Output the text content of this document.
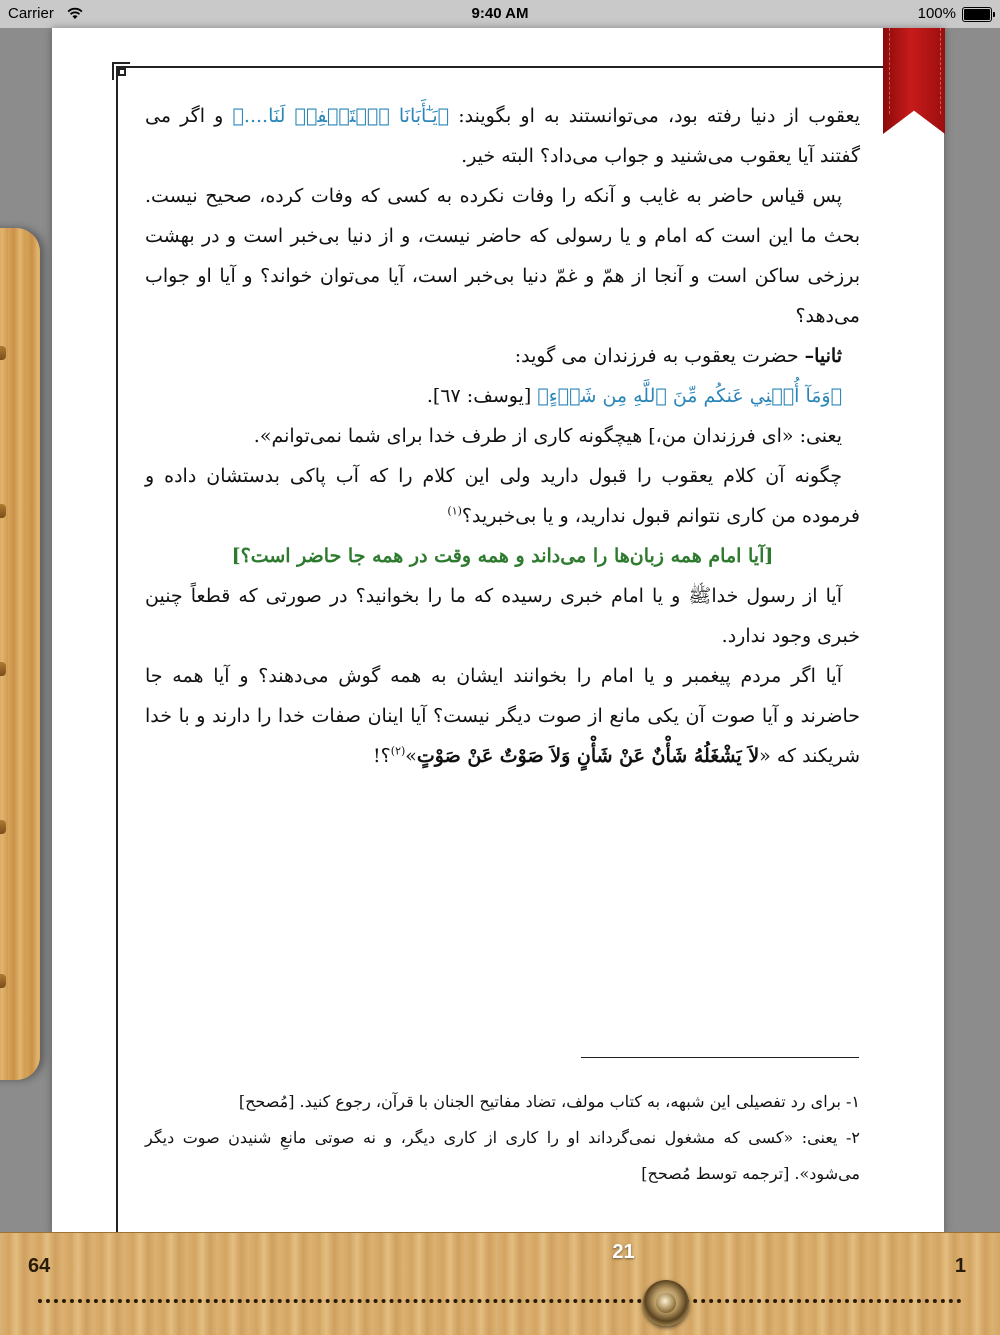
Carrier	9:40 AM	100%

یعقوب از دنیا رفته بود، می‌توانستند به او بگویند: ﴿يَـٰٓأَبَانَا ٱسۡتَغۡفِرۡ لَنَا....﴾ و اگر می گفتند آیا یعقوب می‌شنید و جواب می‌داد؟ البته خیر.

پس قیاس حاضر به غایب و آنکه را وفات نکرده به کسی که وفات کرده، صحیح نیست. بحث ما این است که امام و یا رسولی که حاضر نیست، و از دنیا بی‌خبر است و در بهشت برزخی ساکن است و آنجا از همّ و غمّ دنیا بی‌خبر است، آیا می‌توان خواند؟ و آیا او جواب می‌دهد؟

ثانیا– حضرت یعقوب به فرزندان می گوید:

﴿وَمَآ أُغۡنِي عَنكُم مِّنَ ٱللَّهِ مِن شَيۡءٍ﴾ [یوسف: ٦٧].

یعنی: «ای فرزندان من،] هیچگونه کاری از طرف خدا برای شما نمی‌توانم».

چگونه آن کلام یعقوب را قبول دارید ولی این کلام را که آب پاکی بدستشان داده و فرموده من کاری نتوانم قبول ندارید، و یا بی‌خبرید؟$^{(١)}$

[آیا امام همه زبان‌ها را می‌داند و همه وقت در همه جا حاضر است؟]

آیا از رسول خداﷺ و یا امام خبری رسیده که ما را بخوانید؟ در صورتی که قطعاً چنین خبری وجود ندارد.

آیا اگر مردم پیغمبر و یا امام را بخوانند ایشان به همه گوش می‌دهند؟ و آیا همه جا حاضرند و آیا صوت آن یکی مانع از صوت دیگر نیست؟ آیا اینان صفات خدا را دارند و با خدا شریکند که «لاَ يَشْغَلُهُ شَأْنٌ عَنْ شَأْنٍ وَلاَ صَوْتٌ عَنْ صَوْتٍ»$^{(٢)}$؟!

١- برای رد تفصیلی این شبهه، به کتاب مولف، تضاد مفاتیح الجنان با قرآن، رجوع کنید. [مُصحح]

٢- یعنی: «کسی که مشغول نمی‌گرداند او را کاری از کاری دیگر، و نه صوتی مانعِ شنیدن صوت دیگر می‌شود». [ترجمه توسط مُصحح]

64
21
1
